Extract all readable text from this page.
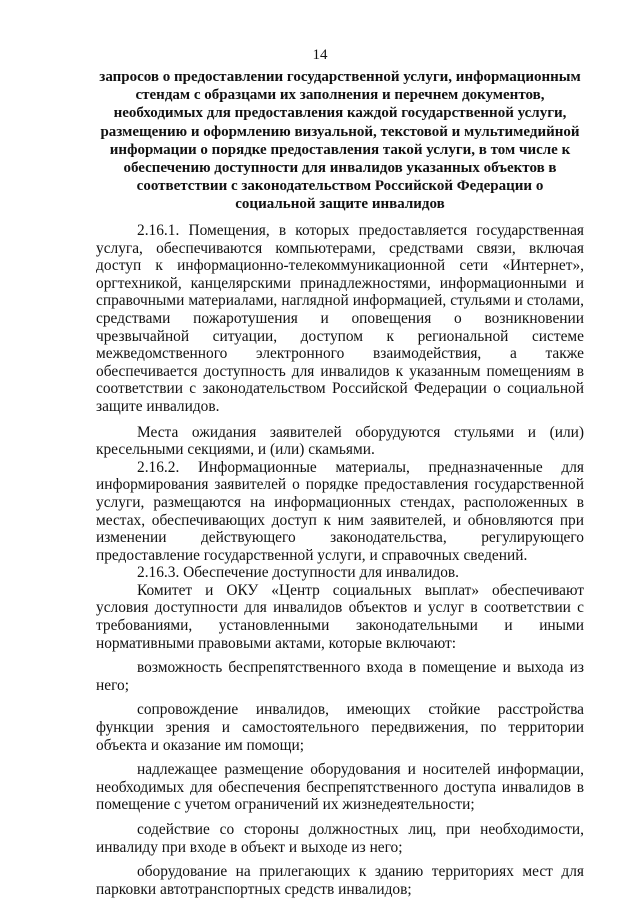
14
запросов о предоставлении государственной услуги, информационным
стендам с образцами их заполнения и перечнем документов,
необходимых для предоставления каждой государственной услуги,
размещению и оформлению визуальной, текстовой и мультимедийной
информации о порядке предоставления такой услуги, в том числе к
обеспечению доступности для инвалидов указанных объектов в
соответствии с законодательством Российской Федерации о
социальной защите инвалидов

2.16.1. Помещения, в которых предоставляется государственная услуга, обеспечиваются компьютерами, средствами связи, включая доступ к информационно-телекоммуникационной сети «Интернет», оргтехникой, канцелярскими принадлежностями, информационными и справочными материалами, наглядной информацией, стульями и столами, средствами пожаротушения и оповещения о возникновении чрезвычайной ситуации, доступом к региональной системе межведомственного электронного взаимодействия, а также обеспечивается доступность для инвалидов к указанным помещениям в соответствии с законодательством Российской Федерации о социальной защите инвалидов.

Места ожидания заявителей оборудуются стульями и (или) кресельными секциями, и (или) скамьями.

2.16.2. Информационные материалы, предназначенные для информирования заявителей о порядке предоставления государственной услуги, размещаются на информационных стендах, расположенных в местах, обеспечивающих доступ к ним заявителей, и обновляются при изменении действующего законодательства, регулирующего предоставление государственной услуги, и справочных сведений.

2.16.3. Обеспечение доступности для инвалидов.

Комитет и ОКУ «Центр социальных выплат» обеспечивают условия доступности для инвалидов объектов и услуг в соответствии с требованиями, установленными законодательными и иными нормативными правовыми актами, которые включают:

возможность беспрепятственного входа в помещение и выхода из него;

сопровождение инвалидов, имеющих стойкие расстройства функции зрения и самостоятельного передвижения, по территории объекта и оказание им помощи;

надлежащее размещение оборудования и носителей информации, необходимых для обеспечения беспрепятственного доступа инвалидов в помещение с учетом ограничений их жизнедеятельности;

содействие со стороны должностных лиц, при необходимости, инвалиду при входе в объект и выходе из него;

оборудование на прилегающих к зданию территориях мест для парковки автотранспортных средств инвалидов;
